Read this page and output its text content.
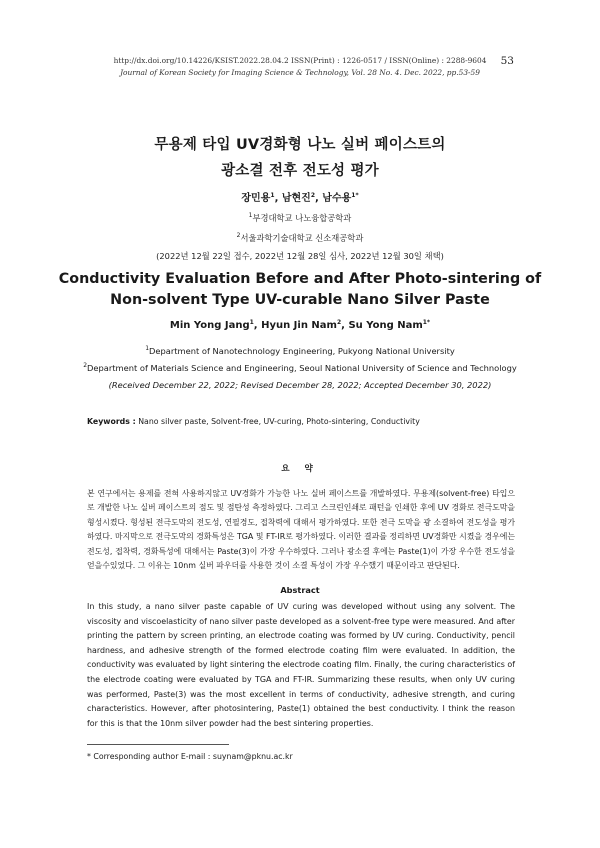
http://dx.doi.org/10.14226/KSIST.2022.28.04.2 ISSN(Print) : 1226-0517 / ISSN(Online) : 2288-9604
Journal of Korean Society for Imaging Science & Technology, Vol. 28 No. 4. Dec. 2022, pp.53-59
53
무용제 타입 UV경화형 나노 실버 페이스트의
광소결 전후 전도성 평가
장민용$^1$, 남현진$^2$, 남수용$^{1*}$
$^1$부경대학교 나노융합공학과
$^2$서울과학기술대학교 신소재공학과
(2022년 12월 22일 접수, 2022년 12월 28일 심사, 2022년 12월 30일 채택)
Conductivity Evaluation Before and After Photo-sintering of
Non-solvent Type UV-curable Nano Silver Paste
Min Yong Jang$^1$, Hyun Jin Nam$^2$, Su Yong Nam$^{1*}$
$^1$Department of Nanotechnology Engineering, Pukyong National University
$^2$Department of Materials Science and Engineering, Seoul National University of Science and Technology
(Received December 22, 2022; Revised December 28, 2022; Accepted December 30, 2022)
Keywords : Nano silver paste, Solvent-free, UV-curing, Photo-sintering, Conductivity
요 약
본 연구에서는 용제를 전혀 사용하지않고 UV경화가 가능한 나노 실버 페이스트를 개발하였다. 무용제(solvent-free) 타입으로 개발한 나노 실버 페이스트의 점도 및 점탄성 측정하였다. 그리고 스크린인쇄로 패턴을 인쇄한 후에 UV 경화로 전극도막을 형성시켰다. 형성된 전극도막의 전도성, 연필경도, 접착력에 대해서 평가하였다. 또한 전극 도막을 광 소결하여 전도성을 평가하였다. 마지막으로 전극도막의 경화특성은 TGA 및 FT-IR로 평가하였다. 이러한 결과를 정리하면 UV경화만 시켰을 경우에는 전도성, 접착력, 경화특성에 대해서는 Paste(3)이 가장 우수하였다. 그러나 광소결 후에는 Paste(1)이 가장 우수한 전도성을 얻을수있었다. 그 이유는 10nm 실버 파우더를 사용한 것이 소결 특성이 가장 우수했기 때문이라고 판단된다.
Abstract
In this study, a nano silver paste capable of UV curing was developed without using any solvent. The viscosity and viscoelasticity of nano silver paste developed as a solvent-free type were measured. And after printing the pattern by screen printing, an electrode coating was formed by UV curing. Conductivity, pencil hardness, and adhesive strength of the formed electrode coating film were evaluated. In addition, the conductivity was evaluated by light sintering the electrode coating film. Finally, the curing characteristics of the electrode coating were evaluated by TGA and FT-IR. Summarizing these results, when only UV curing was performed, Paste(3) was the most excellent in terms of conductivity, adhesive strength, and curing characteristics. However, after photosintering, Paste(1) obtained the best conductivity. I think the reason for this is that the 10nm silver powder had the best sintering properties.
* Corresponding author E-mail : suynam@pknu.ac.kr
